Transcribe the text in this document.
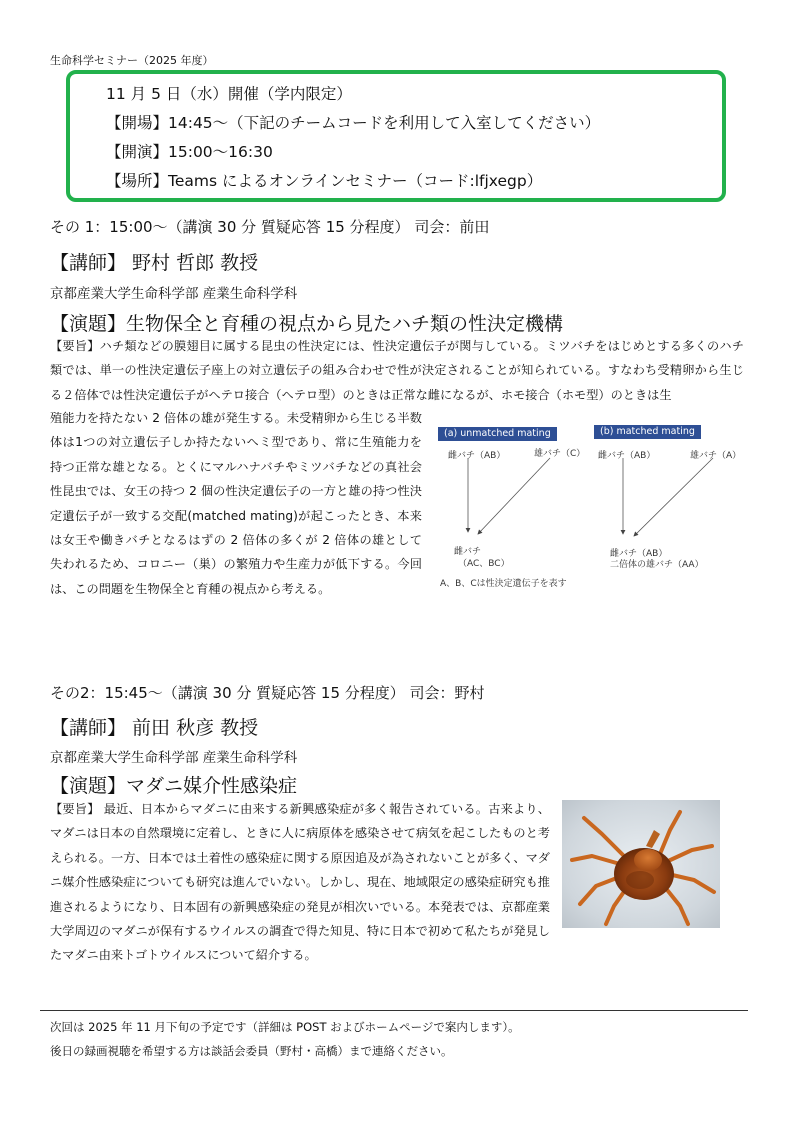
生命科学セミナー（2025 年度）
11 月 5 日（水）開催（学内限定）
【開場】14:45～（下記のチームコードを利用して入室してください）
【開演】15:00～16:30
【場所】Teams によるオンラインセミナー（コード:lfjxegp）
その 1：15:00～（講演 30 分 質疑応答 15 分程度） 司会：前田
【講師】 野村 哲郎 教授
京都産業大学生命科学部 産業生命科学科
【演題】生物保全と育種の視点から見たハチ類の性決定機構
【要旨】ハチ類などの膜翅目に属する昆虫の性決定には、性決定遺伝子が関与している。ミツバチをはじめとする多くのハチ類では、単一の性決定遺伝子座上の対立遺伝子の組み合わせで性が決定されることが知られている。すなわち受精卵から生じる２倍体では性決定遺伝子がヘテロ接合（ヘテロ型）のときは正常な雌になるが、ホモ接合（ホモ型）のときは生
殖能力を持たない 2 倍体の雄が発生する。未受精卵から生じる半数体は1つの対立遺伝子しか持たないヘミ型であり、常に生殖能力を持つ正常な雄となる。とくにマルハナバチやミツバチなどの真社会性昆虫では、女王の持つ 2 個の性決定遺伝子の一方と雄の持つ性決定遺伝子が一致する交配(matched mating)が起こったとき、本来は女王や働きバチとなるはずの 2 倍体の多くが 2 倍体の雄として失われるため、コロニー（巣）の繁殖力や生産力が低下する。今回は、この問題を生物保全と育種の視点から考える。
(a) unmatched mating	(b) matched mating
雌バチ（AB）	雄バチ（C）
雌バチ
（AC、BC）
雌バチ（AB）	雄バチ（A）
雌バチ（AB）
二倍体の雄バチ（AA）
A、B、Cは性決定遺伝子を表す
その2：15:45～（講演 30 分 質疑応答 15 分程度） 司会：野村
【講師】 前田 秋彦 教授
京都産業大学生命科学部 産業生命科学科
【演題】マダニ媒介性感染症
【要旨】 最近、日本からマダニに由来する新興感染症が多く報告されている。古来より、マダニは日本の自然環境に定着し、ときに人に病原体を感染させて病気を起こしたものと考えられる。一方、日本では土着性の感染症に関する原因追及が為されないことが多く、マダニ媒介性感染症についても研究は進んでいない。しかし、現在、地域限定の感染症研究も推進されるようになり、日本固有の新興感染症の発見が相次いでいる。本発表では、京都産業大学周辺のマダニが保有するウイルスの調査で得た知見、特に日本で初めて私たちが発見したマダニ由来トゴトウイルスについて紹介する。
次回は 2025 年 11 月下旬の予定です（詳細は POST およびホームページで案内します）。
後日の録画視聴を希望する方は談話会委員（野村・高橋）まで連絡ください。
